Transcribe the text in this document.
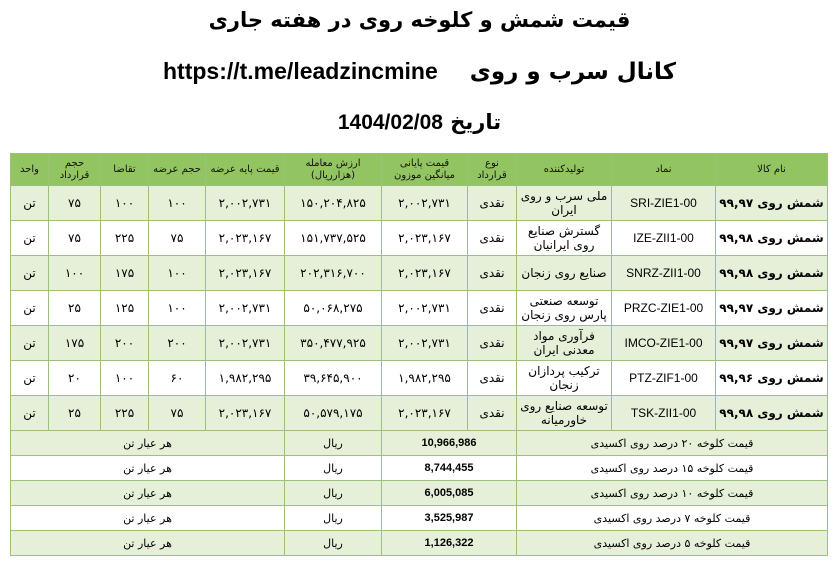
قیمت شمش و کلوخه روی در هفته جاری
کانال سرب و روی    https://t.me/leadzincmine
تاریخ 1404/02/08
نام کالا	نماد	تولیدکننده	نوع قرارداد	قیمت پایانی میانگین موزون	ارزش معامله (هزارریال)	قیمت پایه عرضه	حجم عرضه	تقاضا	حجم قرارداد	واحد
شمش روی ۹۹,۹۷	SRI-ZIE1-00	ملی سرب و روی ایران	نقدی	۲,۰۰۲,۷۳۱	۱۵۰,۲۰۴,۸۲۵	۲,۰۰۲,۷۳۱	۱۰۰	۱۰۰	۷۵	تن
شمش روی ۹۹,۹۸	IZE-ZII1-00	گسترش صنایع روی ایرانیان	نقدی	۲,۰۲۳,۱۶۷	۱۵۱,۷۳۷,۵۲۵	۲,۰۲۳,۱۶۷	۷۵	۲۲۵	۷۵	تن
شمش روی ۹۹,۹۸	SNRZ-ZII1-00	صنایع روی زنجان	نقدی	۲,۰۲۳,۱۶۷	۲۰۲,۳۱۶,۷۰۰	۲,۰۲۳,۱۶۷	۱۰۰	۱۷۵	۱۰۰	تن
شمش روی ۹۹,۹۷	PRZC-ZIE1-00	توسعه صنعتی پارس روی زنجان	نقدی	۲,۰۰۲,۷۳۱	۵۰,۰۶۸,۲۷۵	۲,۰۰۲,۷۳۱	۱۰۰	۱۲۵	۲۵	تن
شمش روی ۹۹,۹۷	IMCO-ZIE1-00	فرآوری مواد معدنی ایران	نقدی	۲,۰۰۲,۷۳۱	۳۵۰,۴۷۷,۹۲۵	۲,۰۰۲,۷۳۱	۲۰۰	۲۰۰	۱۷۵	تن
شمش روی ۹۹,۹۶	PTZ-ZIF1-00	ترکیب پردازان زنجان	نقدی	۱,۹۸۲,۲۹۵	۳۹,۶۴۵,۹۰۰	۱,۹۸۲,۲۹۵	۶۰	۱۰۰	۲۰	تن
شمش روی ۹۹,۹۸	TSK-ZII1-00	توسعه صنایع روی خاورمیانه	نقدی	۲,۰۲۳,۱۶۷	۵۰,۵۷۹,۱۷۵	۲,۰۲۳,۱۶۷	۷۵	۲۲۵	۲۵	تن
قیمت کلوخه ۲۰ درصد روی اکسیدی			10,966,986		ریال	هر عیار تن				
قیمت کلوخه ۱۵ درصد روی اکسیدی			8,744,455		ریال	هر عیار تن				
قیمت کلوخه ۱۰ درصد روی اکسیدی			6,005,085		ریال	هر عیار تن				
قیمت کلوخه ۷ درصد روی اکسیدی			3,525,987		ریال	هر عیار تن				
قیمت کلوخه ۵ درصد روی اکسیدی			1,126,322		ریال	هر عیار تن				
